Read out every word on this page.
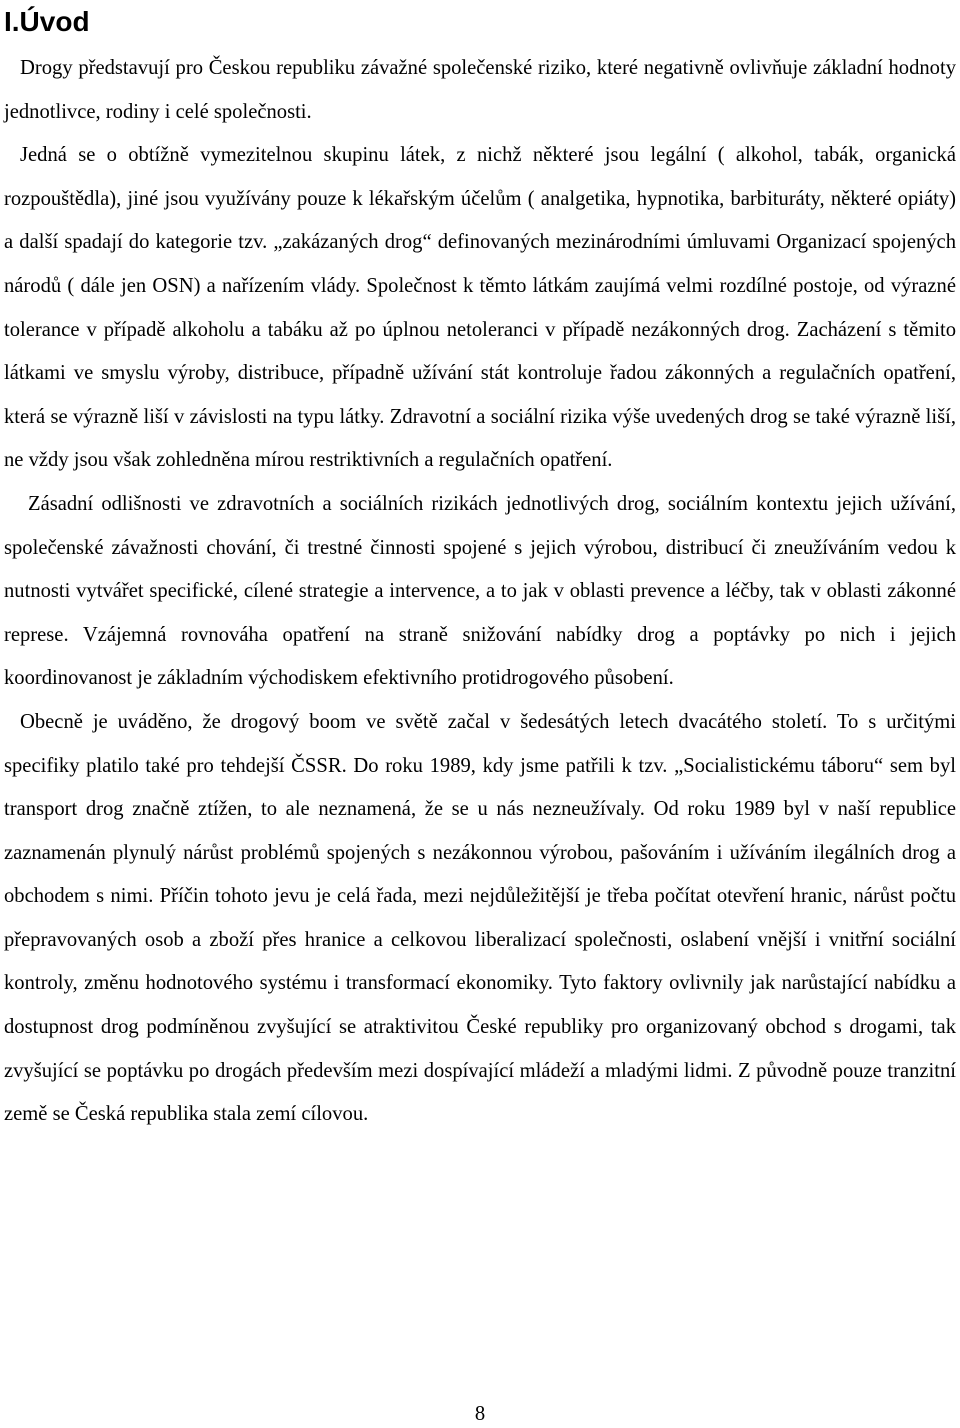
I.Úvod

Drogy představují pro Českou republiku závažné společenské riziko, které negativně ovlivňuje základní hodnoty jednotlivce, rodiny i celé společnosti.

Jedná se o obtížně vymezitelnou skupinu látek, z nichž některé jsou legální ( alkohol, tabák, organická rozpouštědla), jiné jsou využívány pouze k lékařským účelům ( analgetika, hypnotika, barbituráty, některé opiáty) a další spadají do kategorie tzv. „zakázaných drog“ definovaných mezinárodními úmluvami Organizací spojených národů ( dále jen OSN) a nařízením vlády. Společnost k těmto látkám zaujímá velmi rozdílné postoje, od výrazné tolerance v případě alkoholu a tabáku až po úplnou netoleranci v případě nezákonných drog. Zacházení s těmito látkami ve smyslu výroby, distribuce, případně užívání stát kontroluje řadou zákonných a regulačních opatření, která se výrazně liší v závislosti na typu látky. Zdravotní a sociální rizika výše uvedených drog se také výrazně liší, ne vždy jsou však zohledněna mírou restriktivních a regulačních opatření.

Zásadní odlišnosti ve zdravotních a sociálních rizikách jednotlivých drog, sociálním kontextu jejich užívání, společenské závažnosti chování, či trestné činnosti spojené s jejich výrobou, distribucí či zneužíváním vedou k nutnosti vytvářet specifické, cílené strategie a intervence, a to jak v oblasti prevence a léčby, tak v oblasti zákonné represe. Vzájemná rovnováha opatření na straně snižování nabídky drog a poptávky po nich i jejich koordinovanost je základním východiskem efektivního protidrogového působení.

Obecně je uváděno, že drogový boom ve světě začal v šedesátých letech dvacátého století. To s určitými specifiky platilo také pro tehdejší ČSSR. Do roku 1989, kdy jsme patřili k tzv. „Socialistickému táboru“ sem byl transport drog značně ztížen, to ale neznamená, že se u nás nezneužívaly. Od roku 1989 byl v naší republice zaznamenán plynulý nárůst problémů spojených s nezákonnou výrobou, pašováním i užíváním ilegálních drog a obchodem s nimi. Příčin tohoto jevu je celá řada, mezi nejdůležitější je třeba počítat otevření hranic, nárůst počtu přepravovaných osob a zboží přes hranice a celkovou liberalizací společnosti, oslabení vnější i vnitřní sociální kontroly, změnu hodnotového systému i transformací ekonomiky. Tyto faktory ovlivnily jak narůstající nabídku a dostupnost drog podmíněnou zvyšující se atraktivitou České republiky pro organizovaný obchod s drogami, tak zvyšující se poptávku po drogách především mezi dospívající mládeží a mladými lidmi. Z původně pouze tranzitní země se Česká republika stala zemí cílovou.

8
